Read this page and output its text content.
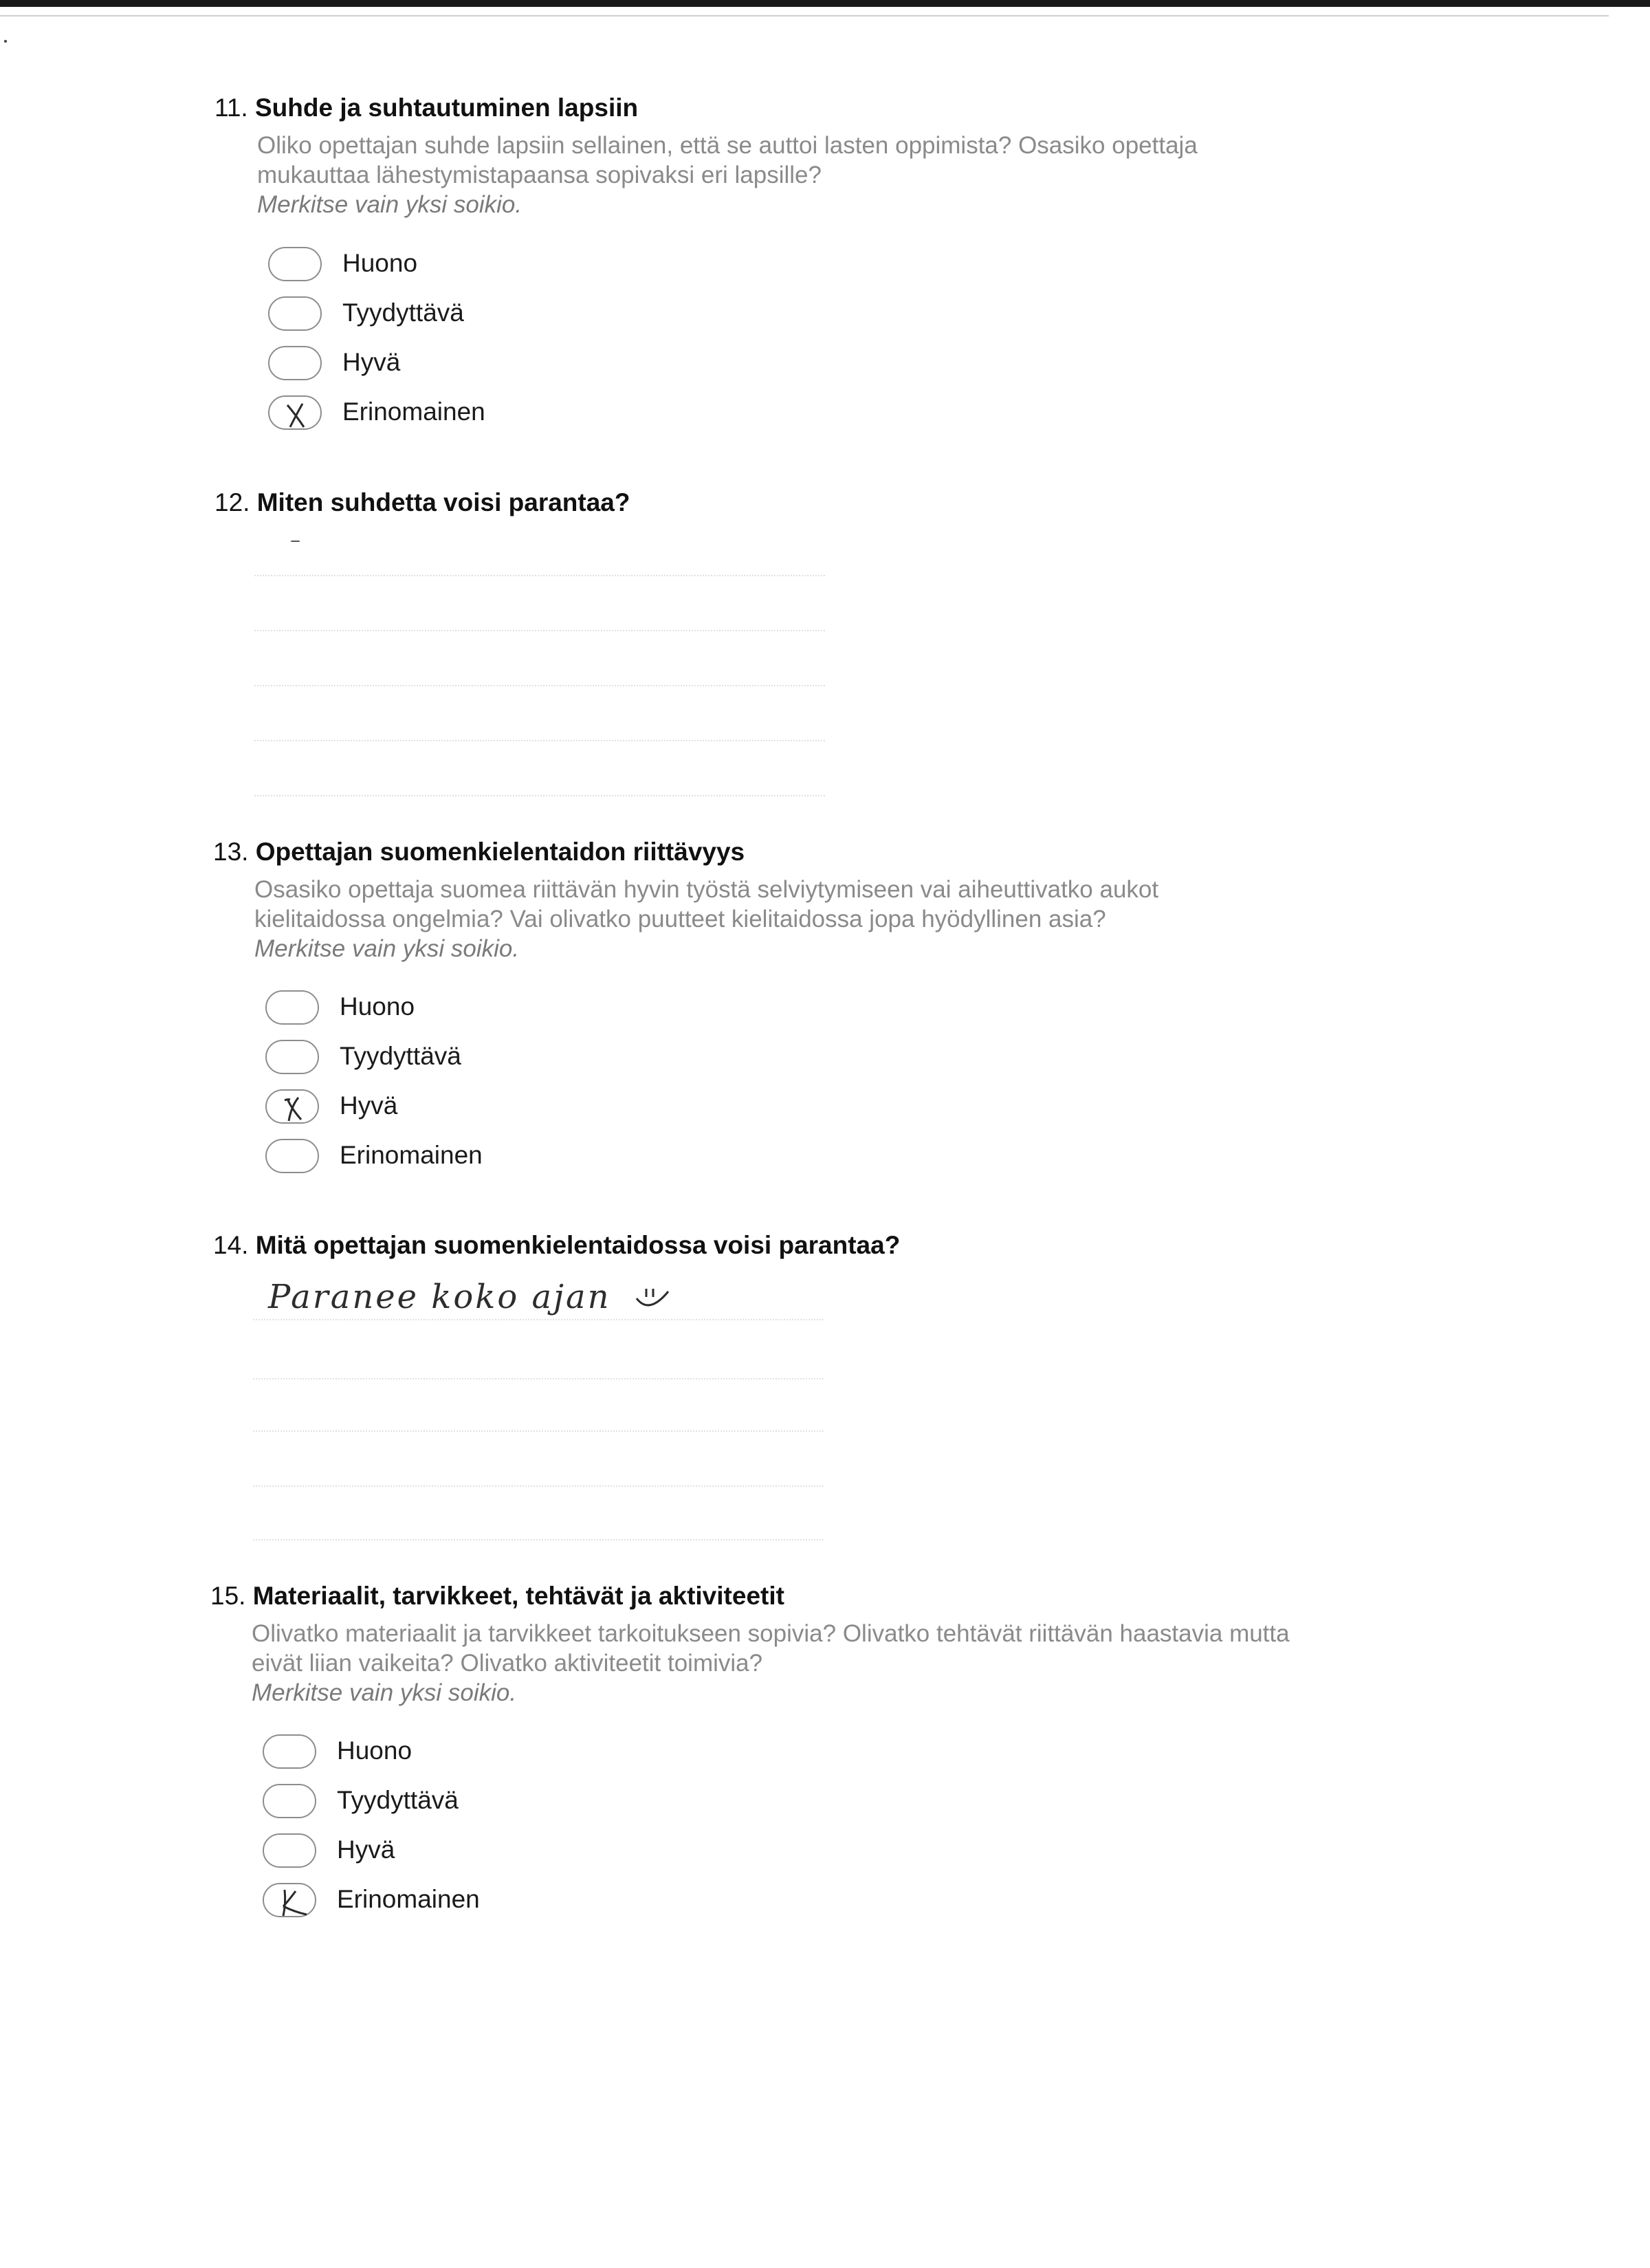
11. Suhde ja suhtautuminen lapsiin
Oliko opettajan suhde lapsiin sellainen, että se auttoi lasten oppimista? Osasiko opettaja
mukauttaa lähestymistapaansa sopivaksi eri lapsille?
Merkitse vain yksi soikio.
Huono
Tyydyttävä
Hyvä
Erinomainen
12. Miten suhdetta voisi parantaa?
–
13. Opettajan suomenkielentaidon riittävyys
Osasiko opettaja suomea riittävän hyvin työstä selviytymiseen vai aiheuttivatko aukot
kielitaidossa ongelmia? Vai olivatko puutteet kielitaidossa jopa hyödyllinen asia?
Merkitse vain yksi soikio.
Huono
Tyydyttävä
Hyvä
Erinomainen
14. Mitä opettajan suomenkielentaidossa voisi parantaa?
Paranee koko ajan
15. Materiaalit, tarvikkeet, tehtävät ja aktiviteetit
Olivatko materiaalit ja tarvikkeet tarkoitukseen sopivia? Olivatko tehtävät riittävän haastavia mutta
eivät liian vaikeita? Olivatko aktiviteetit toimivia?
Merkitse vain yksi soikio.
Huono
Tyydyttävä
Hyvä
Erinomainen
